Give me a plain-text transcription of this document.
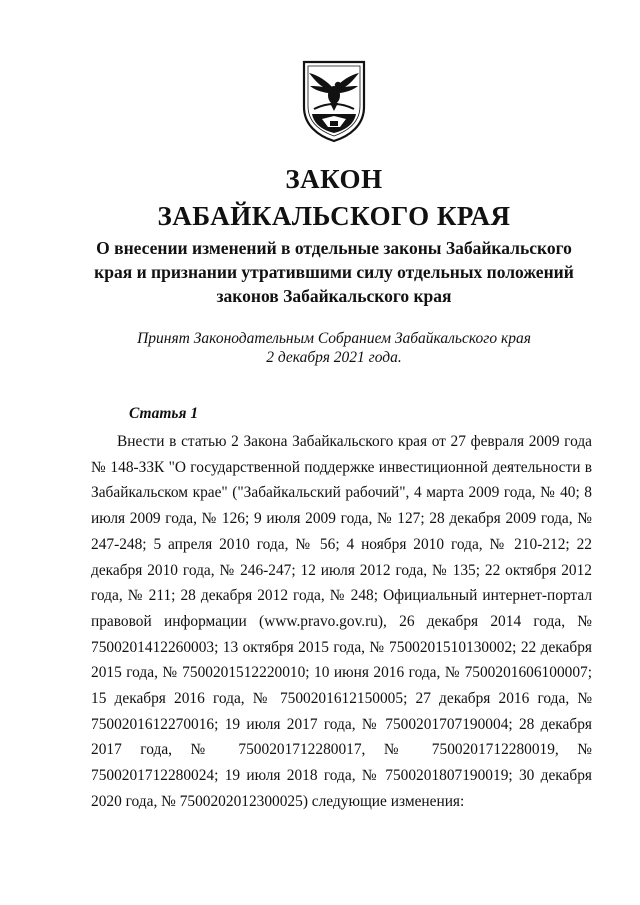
ЗАКОН
ЗАБАЙКАЛЬСКОГО КРАЯ

О внесении изменений в отдельные законы Забайкальского края и признании утратившими силу отдельных положений законов Забайкальского края

Принят Законодательным Собранием Забайкальского края
2 декабря 2021 года.

Статья 1

Внести в статью 2 Закона Забайкальского края от 27 февраля 2009 года № 148-ЗЗК "О государственной поддержке инвестиционной деятельности в Забайкальском крае" ("Забайкальский рабочий", 4 марта 2009 года, № 40; 8 июля 2009 года, № 126; 9 июля 2009 года, № 127; 28 декабря 2009 года, № 247-248; 5 апреля 2010 года, № 56; 4 ноября 2010 года, № 210-212; 22 декабря 2010 года, № 246-247; 12 июля 2012 года, № 135; 22 октября 2012 года, № 211; 28 декабря 2012 года, № 248; Официальный интернет-портал правовой информации (www.pravo.gov.ru), 26 декабря 2014 года, № 7500201412260003; 13 октября 2015 года, № 7500201510130002; 22 декабря 2015 года, № 7500201512220010; 10 июня 2016 года, № 7500201606100007; 15 декабря 2016 года, № 7500201612150005; 27 декабря 2016 года, № 7500201612270016; 19 июля 2017 года, № 7500201707190004; 28 декабря 2017 года, № 7500201712280017, № 7500201712280019, № 7500201712280024; 19 июля 2018 года, № 7500201807190019; 30 декабря 2020 года, № 7500202012300025) следующие изменения:
